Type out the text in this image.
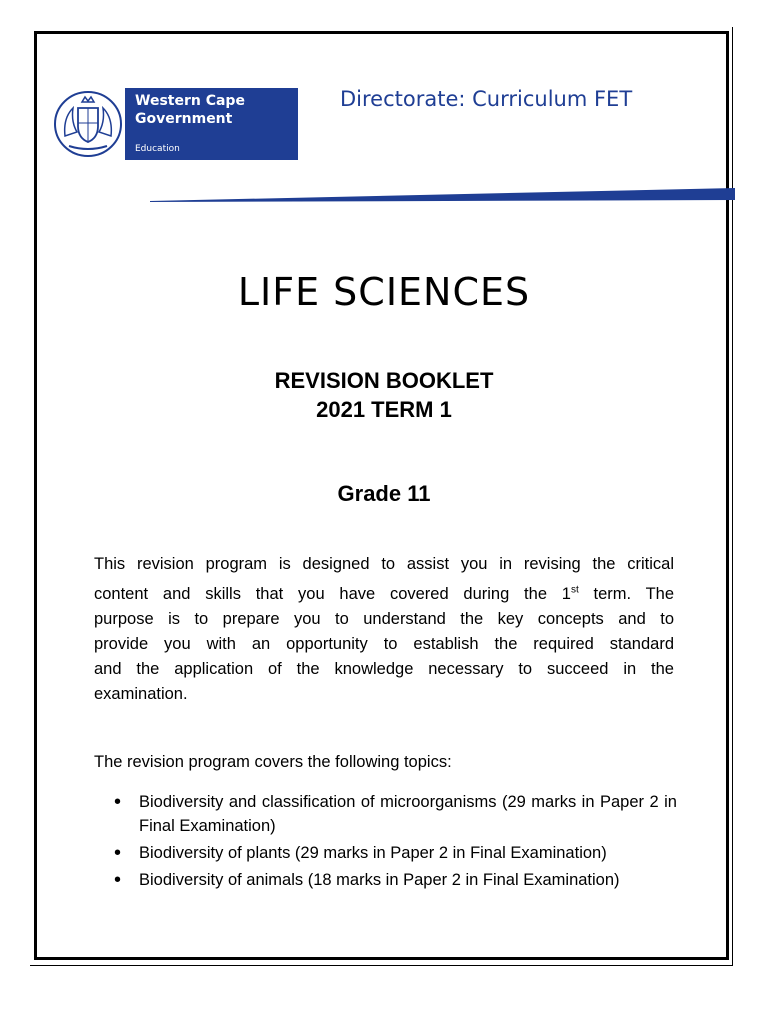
Western Cape
Government
Education
Directorate: Curriculum FET
LIFE SCIENCES
REVISION BOOKLET
2021 TERM 1
Grade 11
This revision program is designed to assist you in revising the critical
content and skills that you have covered during the 1st term. The
purpose is to prepare you to understand the key concepts and to
provide you with an opportunity to establish the required standard
and the application of the knowledge necessary to succeed in the
examination.
The revision program covers the following topics:
• Biodiversity and classification of microorganisms (29 marks in Paper 2 in Final Examination)
• Biodiversity of plants (29 marks in Paper 2 in Final Examination)
• Biodiversity of animals (18 marks in Paper 2 in Final Examination)
